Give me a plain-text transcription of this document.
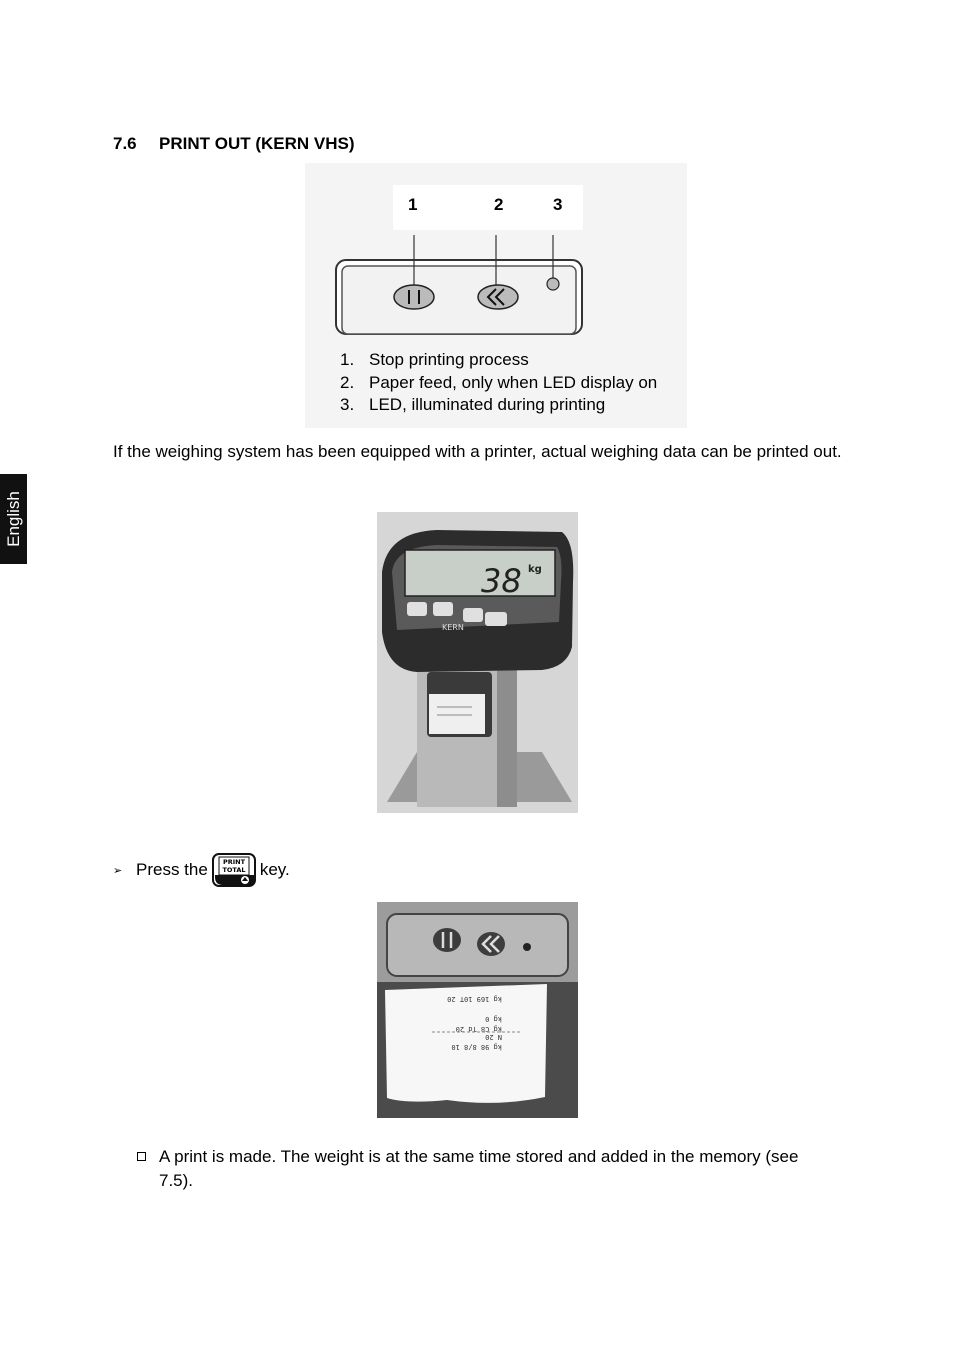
7.6 PRINT OUT (KERN VHS)
English
1	2	3
1. Stop printing process
2. Paper feed, only when LED display on
3. LED, illuminated during printing

If the weighing system has been equipped with a printer, actual weighing data can be printed out.

38 kg
KERN
➢ Press the PRINT
TOTAL key.
kg 169 10T 20
kg 0
kg C8 Td 20
N 20
kg 98 8/8 10
A print is made. The weight is at the same time stored and added in the memory (see 7.5).
